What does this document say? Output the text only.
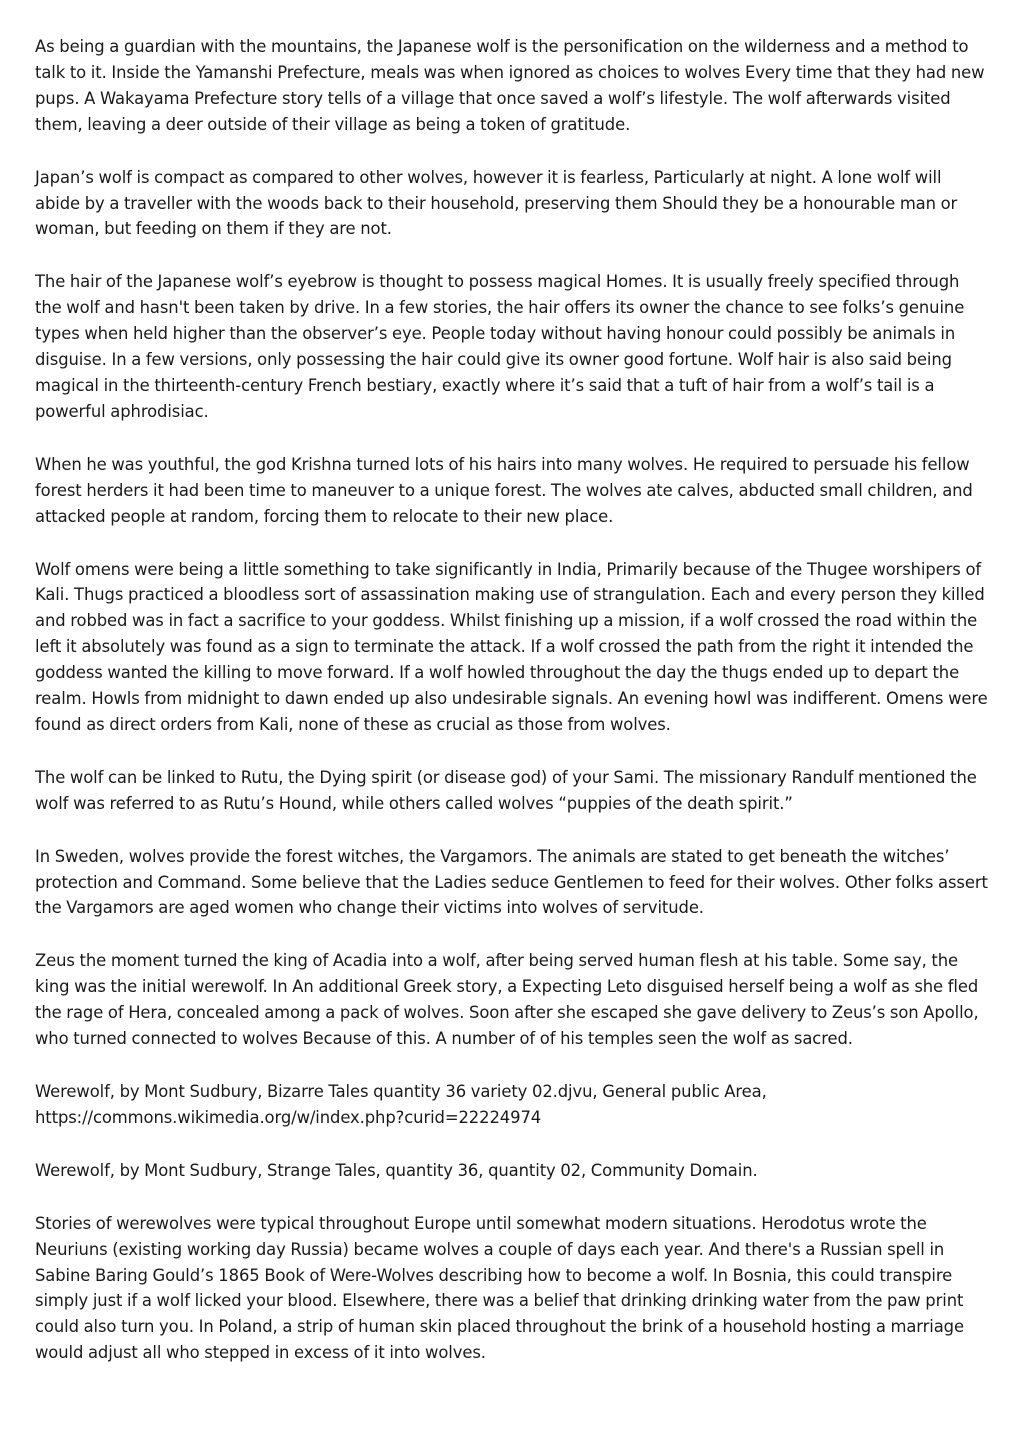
As being a guardian with the mountains, the Japanese wolf is the personification on the wilderness and a method to talk to it. Inside the Yamanshi Prefecture, meals was when ignored as choices to wolves Every time that they had new pups. A Wakayama Prefecture story tells of a village that once saved a wolf’s lifestyle. The wolf afterwards visited them, leaving a deer outside of their village as being a token of gratitude.

Japan’s wolf is compact as compared to other wolves, however it is fearless, Particularly at night. A lone wolf will abide by a traveller with the woods back to their household, preserving them Should they be a honourable man or woman, but feeding on them if they are not.

The hair of the Japanese wolf’s eyebrow is thought to possess magical Homes. It is usually freely specified through the wolf and hasn't been taken by drive. In a few stories, the hair offers its owner the chance to see folks’s genuine types when held higher than the observer’s eye. People today without having honour could possibly be animals in disguise. In a few versions, only possessing the hair could give its owner good fortune. Wolf hair is also said being magical in the thirteenth-century French bestiary, exactly where it’s said that a tuft of hair from a wolf’s tail is a powerful aphrodisiac.

When he was youthful, the god Krishna turned lots of his hairs into many wolves. He required to persuade his fellow forest herders it had been time to maneuver to a unique forest. The wolves ate calves, abducted small children, and attacked people at random, forcing them to relocate to their new place.

Wolf omens were being a little something to take significantly in India, Primarily because of the Thugee worshipers of Kali. Thugs practiced a bloodless sort of assassination making use of strangulation. Each and every person they killed and robbed was in fact a sacrifice to your goddess. Whilst finishing up a mission, if a wolf crossed the road within the left it absolutely was found as a sign to terminate the attack. If a wolf crossed the path from the right it intended the goddess wanted the killing to move forward. If a wolf howled throughout the day the thugs ended up to depart the realm. Howls from midnight to dawn ended up also undesirable signals. An evening howl was indifferent. Omens were found as direct orders from Kali, none of these as crucial as those from wolves.

The wolf can be linked to Rutu, the Dying spirit (or disease god) of your Sami. The missionary Randulf mentioned the wolf was referred to as Rutu’s Hound, while others called wolves “puppies of the death spirit.”

In Sweden, wolves provide the forest witches, the Vargamors. The animals are stated to get beneath the witches’ protection and Command. Some believe that the Ladies seduce Gentlemen to feed for their wolves. Other folks assert the Vargamors are aged women who change their victims into wolves of servitude.

Zeus the moment turned the king of Acadia into a wolf, after being served human flesh at his table. Some say, the king was the initial werewolf. In An additional Greek story, a Expecting Leto disguised herself being a wolf as she fled the rage of Hera, concealed among a pack of wolves. Soon after she escaped she gave delivery to Zeus’s son Apollo, who turned connected to wolves Because of this. A number of of his temples seen the wolf as sacred.

Werewolf, by Mont Sudbury, Bizarre Tales quantity 36 variety 02.djvu, General public Area, https://commons.wikimedia.org/w/index.php?curid=22224974

Werewolf, by Mont Sudbury, Strange Tales, quantity 36, quantity 02, Community Domain.

Stories of werewolves were typical throughout Europe until somewhat modern situations. Herodotus wrote the Neuriuns (existing working day Russia) became wolves a couple of days each year. And there's a Russian spell in Sabine Baring Gould’s 1865 Book of Were-Wolves describing how to become a wolf. In Bosnia, this could transpire simply just if a wolf licked your blood. Elsewhere, there was a belief that drinking drinking water from the paw print could also turn you. In Poland, a strip of human skin placed throughout the brink of a household hosting a marriage would adjust all who stepped in excess of it into wolves.
